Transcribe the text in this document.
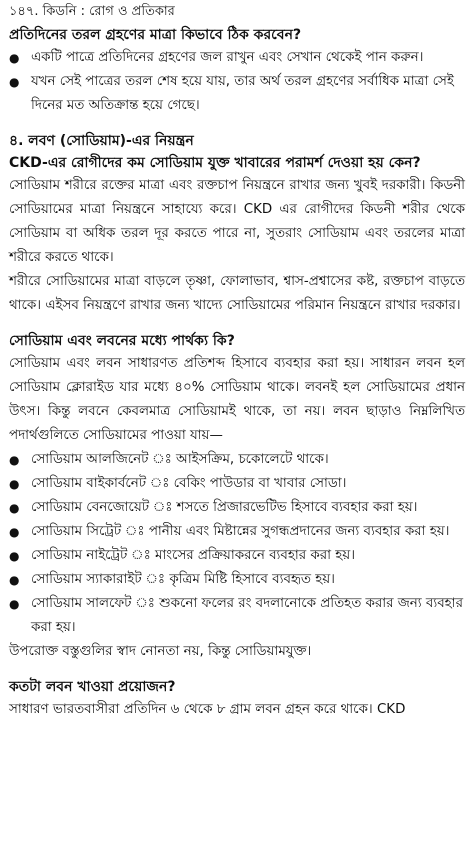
১৪৭. কিডনি : রোগ ও প্রতিকার
প্রতিদিনের তরল গ্রহণের মাত্রা কিভাবে ঠিক করবেন?
● একটি পাত্রে প্রতিদিনের গ্রহণের জল রাখুন এবং সেখান থেকেই পান করুন।
● যখন সেই পাত্রের তরল শেষ হয়ে যায়, তার অর্থ তরল গ্রহণের সর্বাধিক মাত্রা সেই দিনের মত অতিক্রান্ত হয়ে গেছে।
৪. লবণ (সোডিয়াম)-এর নিয়ন্ত্রন
CKD-এর রোগীদের কম সোডিয়াম যুক্ত খাবারের পরামর্শ দেওয়া হয় কেন?
সোডিয়াম শরীরে রক্তের মাত্রা এবং রক্তচাপ নিয়ন্ত্রনে রাখার জন্য খুবই দরকারী। কিডনী সোডিয়ামের মাত্রা নিয়ন্ত্রনে সাহায্যে করে। CKD এর রোগীদের কিডনী শরীর থেকে সোডিয়াম বা অধিক তরল দূর করতে পারে না, সুতরাং সোডিয়াম এবং তরলের মাত্রা শরীরে করতে থাকে।
শরীরে সোডিয়ামের মাত্রা বাড়লে তৃষ্ণা, ফোলাভাব, শ্বাস-প্রশ্বাসের কষ্ট, রক্তচাপ বাড়তে থাকে। এইসব নিয়ন্ত্রণে রাখার জন্য খাদ্যে সোডিয়ামের পরিমান নিয়ন্ত্রনে রাখার দরকার।
সোডিয়াম এবং লবনের মধ্যে পার্থক্য কি?
সোডিয়াম এবং লবন সাধারণত প্রতিশব্দ হিসাবে ব্যবহার করা হয়। সাধারন লবন হল সোডিয়াম ক্লোরাইড যার মধ্যে ৪০% সোডিয়াম থাকে। লবনই হল সোডিয়ামের প্রধান উৎস। কিন্তু লবনে কেবলমাত্র সোডিয়ামই থাকে, তা নয়। লবন ছাড়াও নিম্নলিখিত পদার্থগুলিতে সোডিয়ামের পাওয়া যায়—
● সোডিয়াম আলজিনেট ঃ আইসক্রিম, চকোলেটে থাকে।
● সোডিয়াম বাইকার্বনেট ঃ বেকিং পাউডার বা খাবার সোডা।
● সোডিয়াম বেনজোয়েট ঃ শসতে প্রিজারভেটিভ হিসাবে ব্যবহার করা হয়।
● সোডিয়াম সিট্রেট ঃ পানীয় এবং মিষ্টান্নের সুগন্ধপ্রদানের জন্য ব্যবহার করা হয়।
● সোডিয়াম নাইট্রেট ঃ মাংসের প্রক্রিয়াকরনে ব্যবহার করা হয়।
● সোডিয়াম স্যাকারাইট ঃ কৃত্রিম মিষ্টি হিসাবে ব্যবহৃত হয়।
● সোডিয়াম সালফেট ঃ শুকনো ফলের রং বদলানোকে প্রতিহত করার জন্য ব্যবহার করা হয়।
উপরোক্ত বস্তুগুলির স্বাদ নোনতা নয়, কিন্তু সোডিয়ামযুক্ত।
কতটা লবন খাওয়া প্রয়োজন?
সাধারণ ভারতবাসীরা প্রতিদিন ৬ থেকে ৮ গ্রাম লবন গ্রহন করে থাকে। CKD
